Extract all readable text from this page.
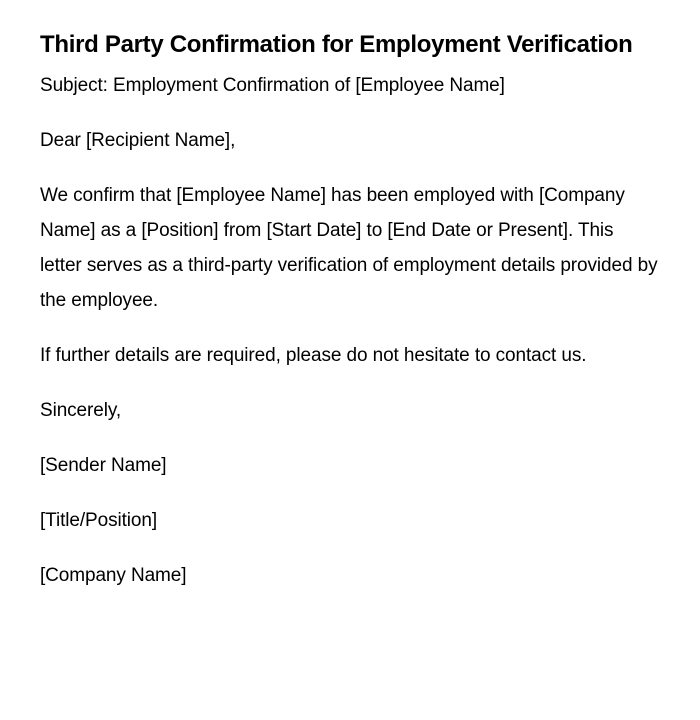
Third Party Confirmation for Employment Verification

Subject: Employment Confirmation of [Employee Name]

Dear [Recipient Name],

We confirm that [Employee Name] has been employed with [Company Name] as a [Position] from [Start Date] to [End Date or Present]. This letter serves as a third-party verification of employment details provided by the employee.

If further details are required, please do not hesitate to contact us.

Sincerely,

[Sender Name]

[Title/Position]

[Company Name]
